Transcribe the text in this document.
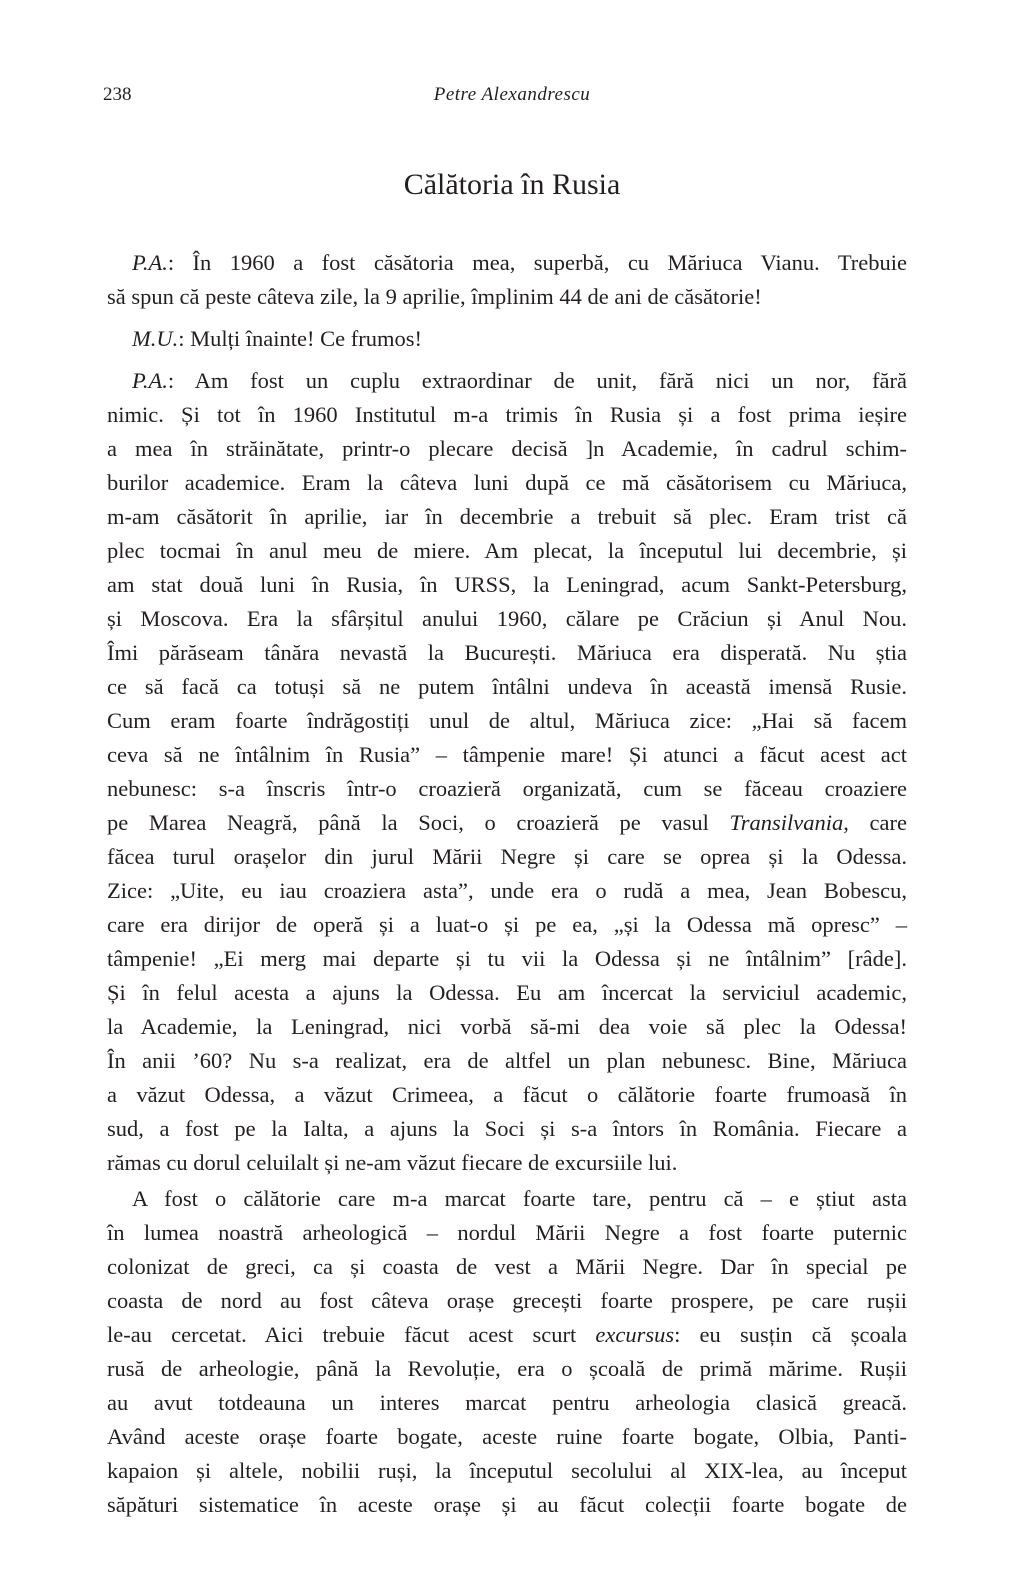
238	Petre Alexandrescu
Călătoria în Rusia
P.A.: În 1960 a fost căsătoria mea, superbă, cu Măriuca Vianu. Trebuie
să spun că peste câteva zile, la 9 aprilie, împlinim 44 de ani de căsătorie!
M.U.: Mulți înainte! Ce frumos!
P.A.: Am fost un cuplu extraordinar de unit, fără nici un nor, fără
nimic. Și tot în 1960 Institutul m-a trimis în Rusia și a fost prima ieșire
a mea în străinătate, printr-o plecare decisă ]n Academie, în cadrul schim-
burilor academice. Eram la câteva luni după ce mă căsătorisem cu Măriuca,
m-am căsătorit în aprilie, iar în decembrie a trebuit să plec. Eram trist că
plec tocmai în anul meu de miere. Am plecat, la începutul lui decembrie, și
am stat două luni în Rusia, în URSS, la Leningrad, acum Sankt-Petersburg,
și Moscova. Era la sfârșitul anului 1960, călare pe Crăciun și Anul Nou.
Îmi părăseam tânăra nevastă la București. Măriuca era disperată. Nu știa
ce să facă ca totuși să ne putem întâlni undeva în această imensă Rusie.
Cum eram foarte îndrăgostiți unul de altul, Măriuca zice: „Hai să facem
ceva să ne întâlnim în Rusia” – tâmpenie mare! Și atunci a făcut acest act
nebunesc: s-a înscris într-o croazieră organizată, cum se făceau croaziere
pe Marea Neagră, până la Soci, o croazieră pe vasul Transilvania, care
făcea turul orașelor din jurul Mării Negre și care se oprea și la Odessa.
Zice: „Uite, eu iau croaziera asta”, unde era o rudă a mea, Jean Bobescu,
care era dirijor de operă și a luat-o și pe ea, „și la Odessa mă opresc” –
tâmpenie! „Ei merg mai departe și tu vii la Odessa și ne întâlnim” [râde].
Și în felul acesta a ajuns la Odessa. Eu am încercat la serviciul academic,
la Academie, la Leningrad, nici vorbă să-mi dea voie să plec la Odessa!
În anii ’60? Nu s-a realizat, era de altfel un plan nebunesc. Bine, Măriuca
a văzut Odessa, a văzut Crimeea, a făcut o călătorie foarte frumoasă în
sud, a fost pe la Ialta, a ajuns la Soci și s-a întors în România. Fiecare a
rămas cu dorul celuilalt și ne-am văzut fiecare de excursiile lui.
A fost o călătorie care m-a marcat foarte tare, pentru că – e știut asta
în lumea noastră arheologică – nordul Mării Negre a fost foarte puternic
colonizat de greci, ca și coasta de vest a Mării Negre. Dar în special pe
coasta de nord au fost câteva orașe grecești foarte prospere, pe care rușii
le-au cercetat. Aici trebuie făcut acest scurt excursus: eu susțin că școala
rusă de arheologie, până la Revoluție, era o școală de primă mărime. Rușii
au avut totdeauna un interes marcat pentru arheologia clasică greacă.
Având aceste orașe foarte bogate, aceste ruine foarte bogate, Olbia, Panti-
kapaion și altele, nobilii ruși, la începutul secolului al XIX-lea, au început
săpături sistematice în aceste orașe și au făcut colecții foarte bogate de
